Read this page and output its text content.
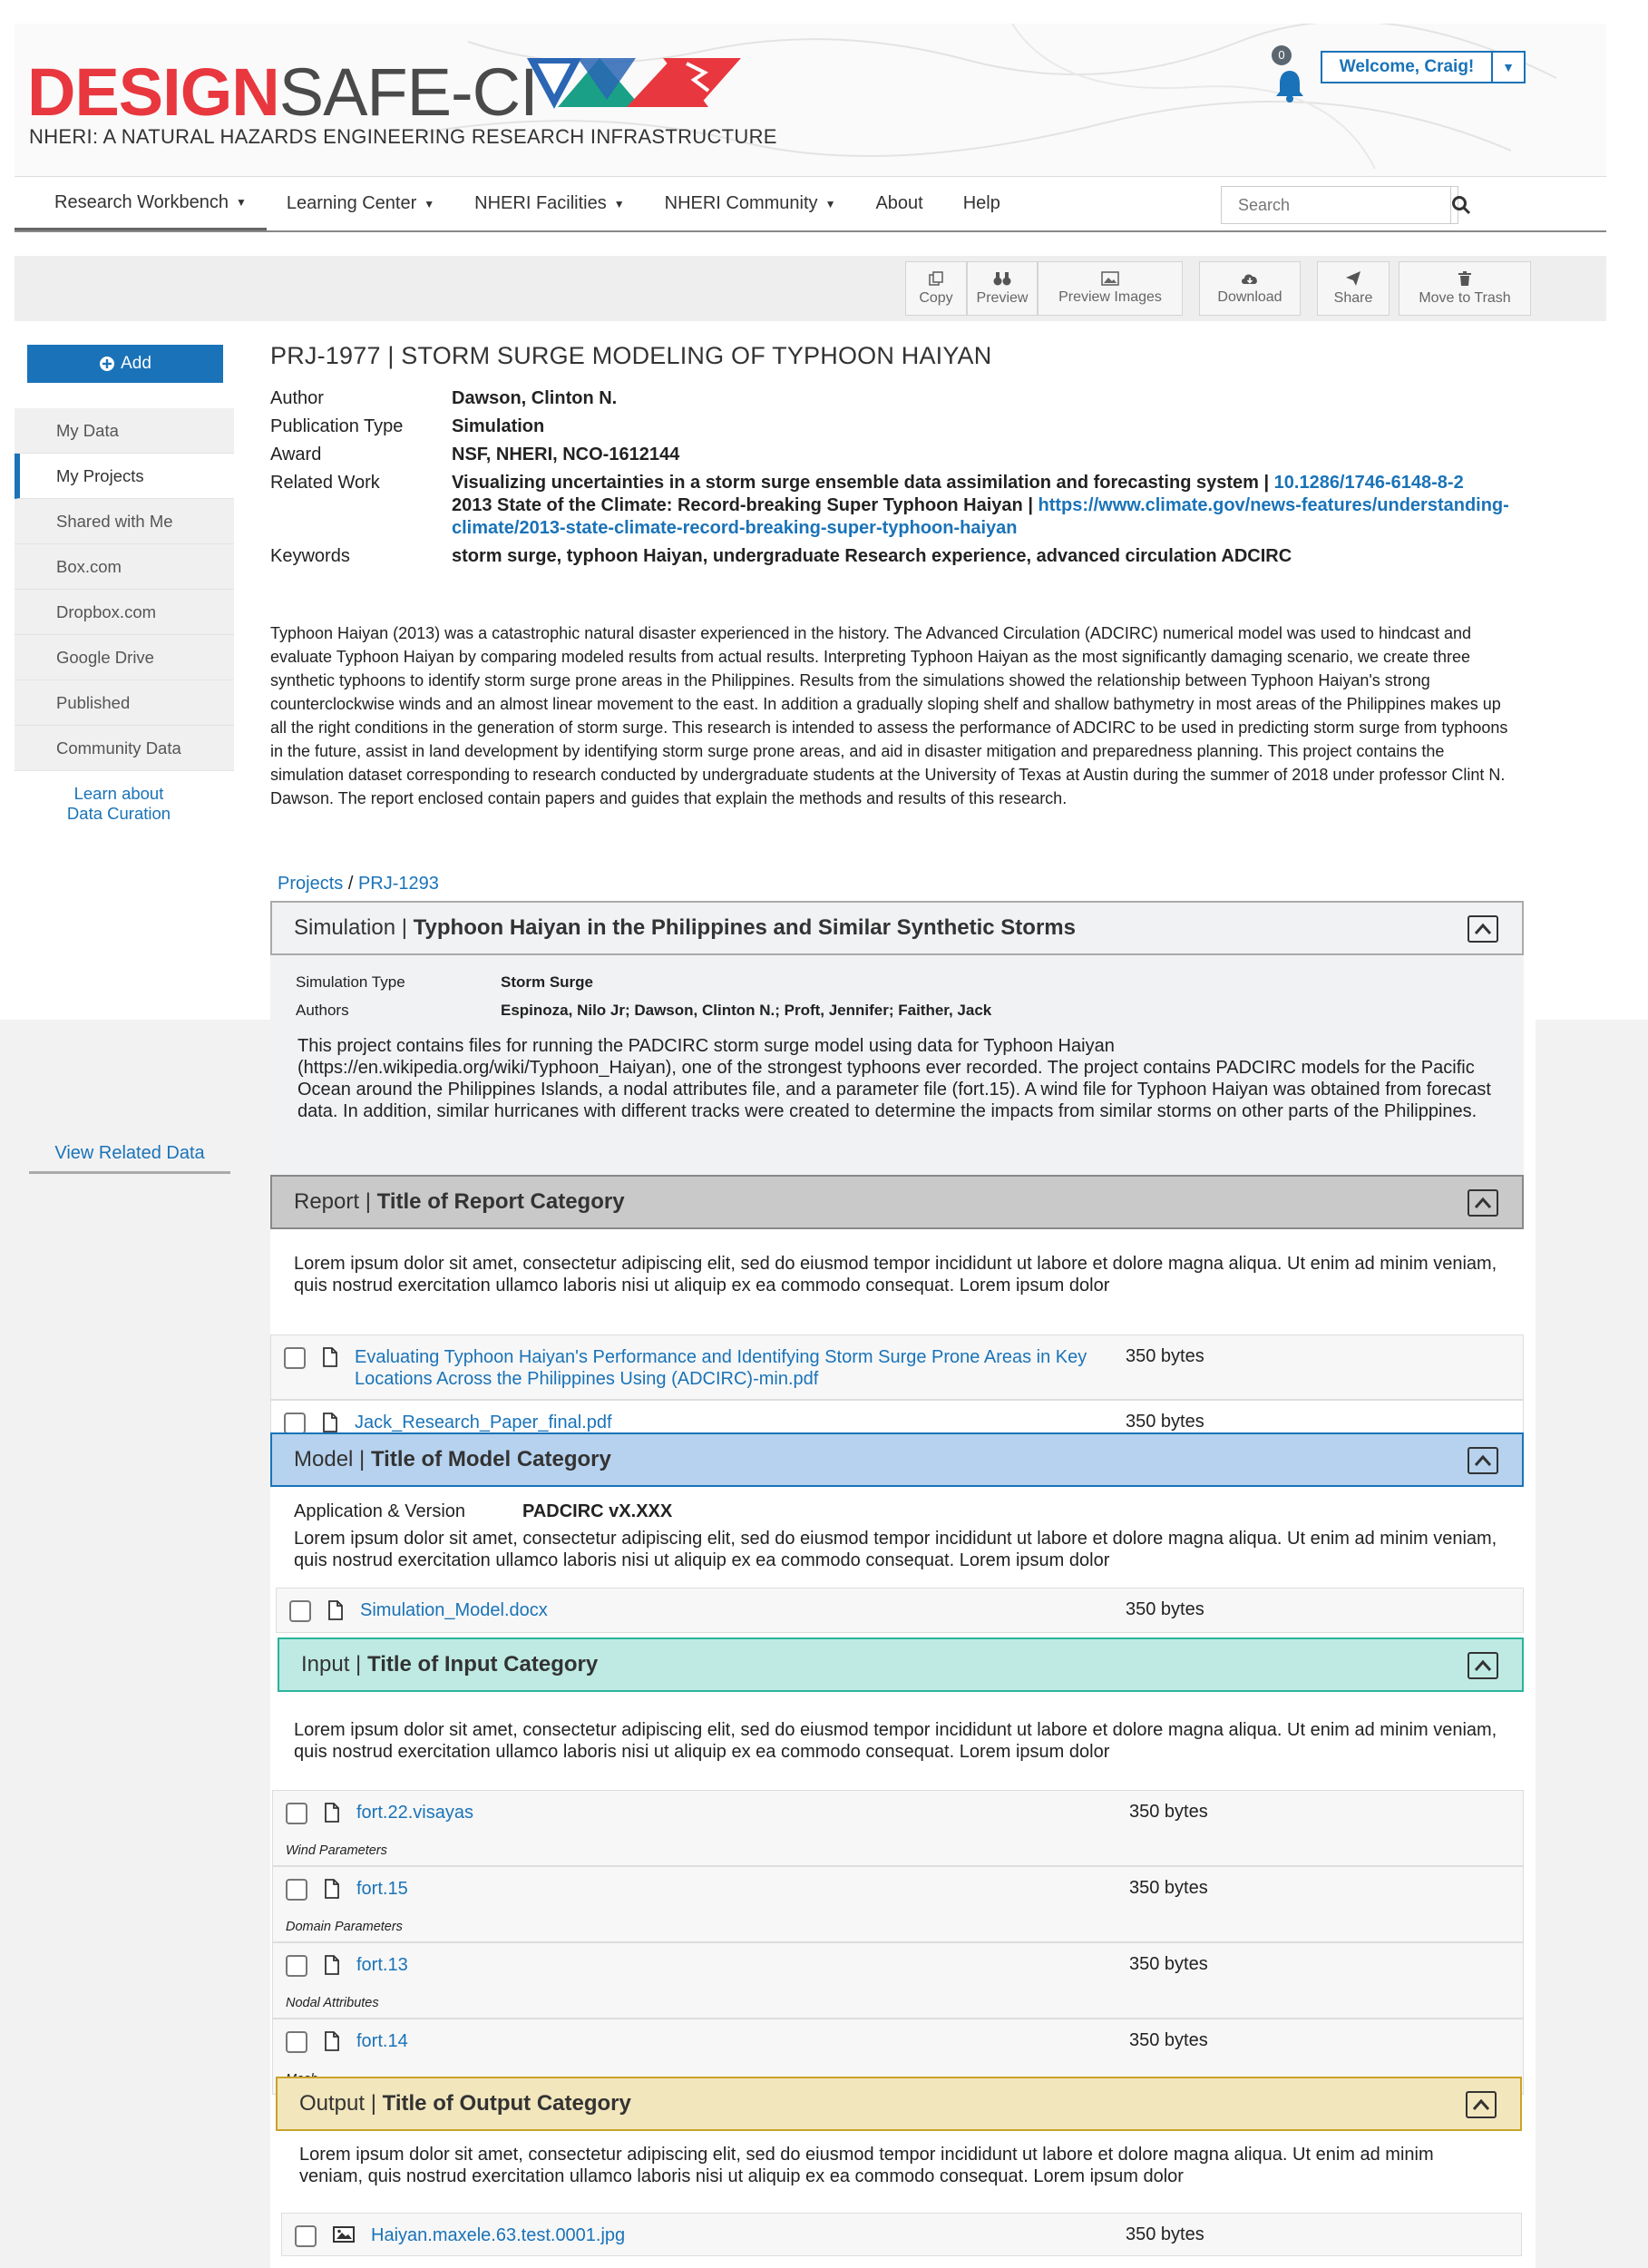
DESIGN SAFE-CI
NHERI: A NATURAL HAZARDS ENGINEERING RESEARCH INFRASTRUCTURE
0
Welcome, Craig!	▼
Research Workbench ▼ Learning Center ▼ NHERI Facilities ▼ NHERI Community ▼ About Help
Search
Copy Preview Preview Images	Download	Share	Move to Trash
Add
My Data
My Projects
Shared with Me
Box.com
Dropbox.com
Google Drive
Published
Community Data
Learn about
Data Curation
View Related Data
PRJ-1977 | STORM SURGE MODELING OF TYPHOON HAIYAN
Author	Dawson, Clinton N.
Publication Type	Simulation
Award	NSF, NHERI, NCO-1612144
Related Work	Visualizing uncertainties in a storm surge ensemble data assimilation and forecasting system | 10.1286/1746-6148-8-2
2013 State of the Climate: Record-breaking Super Typhoon Haiyan | https://www.climate.gov/news-features/understanding-climate/2013-state-climate-record-breaking-super-typhoon-haiyan
Keywords	storm surge, typhoon Haiyan, undergraduate Research experience, advanced circulation ADCIRC
Typhoon Haiyan (2013) was a catastrophic natural disaster experienced in the history. The Advanced Circulation (ADCIRC) numerical model was used to hindcast and evaluate Typhoon Haiyan by comparing modeled results from actual results. Interpreting Typhoon Haiyan as the most significantly damaging scenario, we create three synthetic typhoons to identify storm surge prone areas in the Philippines. Results from the simulations showed the relationship between Typhoon Haiyan's strong counterclockwise winds and an almost linear movement to the east. In addition a gradually sloping shelf and shallow bathymetry in most areas of the Philippines makes up all the right conditions in the generation of storm surge. This research is intended to assess the performance of ADCIRC to be used in predicting storm surge from typhoons in the future, assist in land development by identifying storm surge prone areas, and aid in disaster mitigation and preparedness planning. This project contains the simulation dataset corresponding to research conducted by undergraduate students at the University of Texas at Austin during the summer of 2018 under professor Clint N. Dawson. The report enclosed contain papers and guides that explain the methods and results of this research.
Projects / PRJ-1293
Simulation | Typhoon Haiyan in the Philippines and Similar Synthetic Storms
Simulation Type	Storm Surge
Authors	Espinoza, Nilo Jr; Dawson, Clinton N.; Proft, Jennifer; Faither, Jack
This project contains files for running the PADCIRC storm surge model using data for Typhoon Haiyan (https://en.wikipedia.org/wiki/Typhoon_Haiyan), one of the strongest typhoons ever recorded. The project contains PADCIRC models for the Pacific Ocean around the Philippines Islands, a nodal attributes file, and a parameter file (fort.15). A wind file for Typhoon Haiyan was obtained from forecast data. In addition, similar hurricanes with different tracks were created to determine the impacts from similar storms on other parts of the Philippines.
Report | Title of Report Category
Lorem ipsum dolor sit amet, consectetur adipiscing elit, sed do eiusmod tempor incididunt ut labore et dolore magna aliqua. Ut enim ad minim veniam, quis nostrud exercitation ullamco laboris nisi ut aliquip ex ea commodo consequat. Lorem ipsum dolor
Evaluating Typhoon Haiyan's Performance and Identifying Storm Surge Prone Areas in Key Locations Across the Philippines Using (ADCIRC)-min.pdf
350 bytes
Jack_Research_Paper_final.pdf	350 bytes
Model | Title of Model Category
Application & Version	PADCIRC vX.XXX
Lorem ipsum dolor sit amet, consectetur adipiscing elit, sed do eiusmod tempor incididunt ut labore et dolore magna aliqua. Ut enim ad minim veniam, quis nostrud exercitation ullamco laboris nisi ut aliquip ex ea commodo consequat. Lorem ipsum dolor
Simulation_Model.docx	350 bytes
Input | Title of Input Category
Lorem ipsum dolor sit amet, consectetur adipiscing elit, sed do eiusmod tempor incididunt ut labore et dolore magna aliqua. Ut enim ad minim veniam, quis nostrud exercitation ullamco laboris nisi ut aliquip ex ea commodo consequat. Lorem ipsum dolor
fort.22.visayas	350 bytes
Wind Parameters
fort.15	350 bytes
Domain Parameters
fort.13	350 bytes
Nodal Attributes
fort.14	350 bytes
Output | Title of Output Category
Lorem ipsum dolor sit amet, consectetur adipiscing elit, sed do eiusmod tempor incididunt ut labore et dolore magna aliqua. Ut enim ad minim veniam, quis nostrud exercitation ullamco laboris nisi ut aliquip ex ea commodo consequat. Lorem ipsum dolor
Haiyan.maxele.63.test.0001.jpg	350 bytes
